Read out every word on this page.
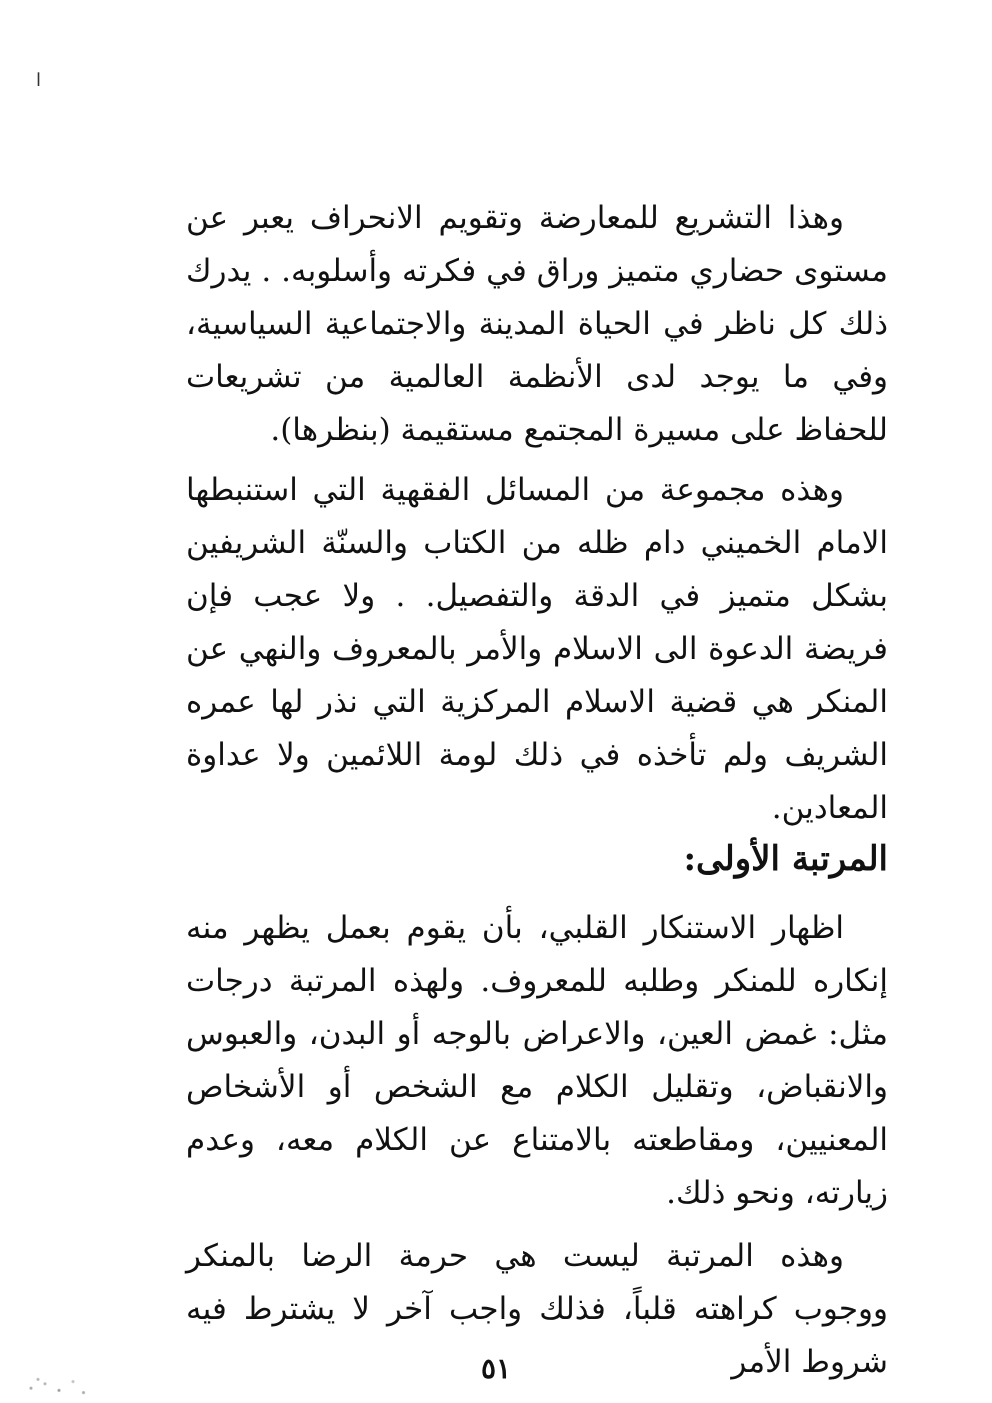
ا

وهذا التشريع للمعارضة وتقويم الانحراف يعبر عن مستوى حضاري متميز وراق في فكرته وأسلوبه. . يدرك ذلك كل ناظر في الحياة المدينة والاجتماعية السياسية، وفي ما يوجد لدى الأنظمة العالمية من تشريعات للحفاظ على مسيرة المجتمع مستقيمة (بنظرها).

وهذه مجموعة من المسائل الفقهية التي استنبطها الامام الخميني دام ظله من الكتاب والسنّة الشريفين بشكل متميز في الدقة والتفصيل. . ولا عجب فإن فريضة الدعوة الى الاسلام والأمر بالمعروف والنهي عن المنكر هي قضية الاسلام المركزية التي نذر لها عمره الشريف ولم تأخذه في ذلك لومة اللائمين ولا عداوة المعادين.

المرتبة الأولى:

اظهار الاستنكار القلبي، بأن يقوم بعمل يظهر منه إنكاره للمنكر وطلبه للمعروف. ولهذه المرتبة درجات مثل: غمض العين، والاعراض بالوجه أو البدن، والعبوس والانقباض، وتقليل الكلام مع الشخص أو الأشخاص المعنيين، ومقاطعته بالامتناع عن الكلام معه، وعدم زيارته، ونحو ذلك.

وهذه المرتبة ليست هي حرمة الرضا بالمنكر ووجوب كراهته قلباً، فذلك واجب آخر لا يشترط فيه شروط الأمر

٥١
